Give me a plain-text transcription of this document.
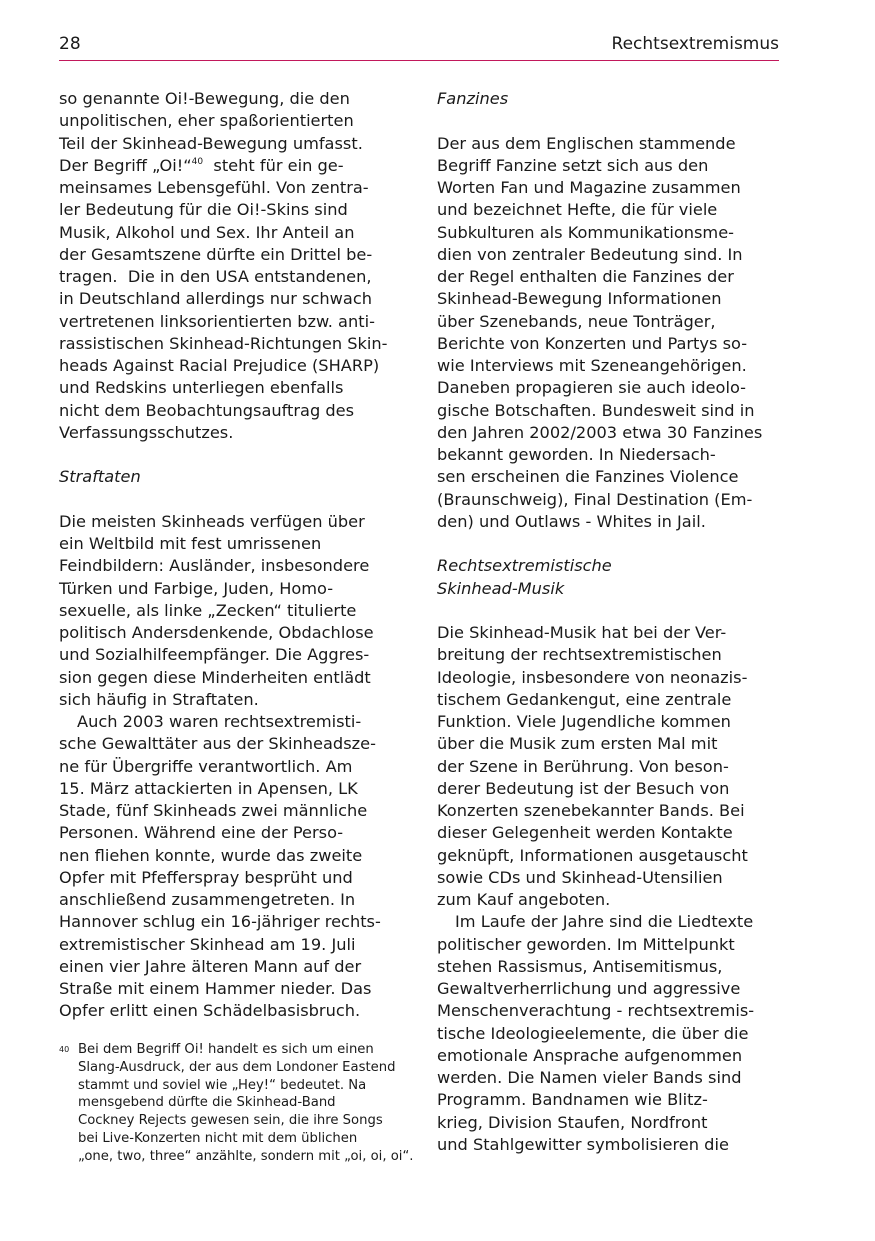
28	Rechtsextremismus
so genannte Oi!-Bewegung, die den
unpolitischen, eher spaßorientierten
Teil der Skinhead-Bewegung umfasst.
Der Begriff „Oi!“$^{40}$  steht für ein ge-
meinsames Lebensgefühl. Von zentra-
ler Bedeutung für die Oi!-Skins sind
Musik, Alkohol und Sex. Ihr Anteil an
der Gesamtszene dürfte ein Drittel be-
tragen.  Die in den USA entstandenen,
in Deutschland allerdings nur schwach
vertretenen linksorientierten bzw. anti-
rassistischen Skinhead-Richtungen Skin-
heads Against Racial Prejudice (SHARP)
und Redskins unterliegen ebenfalls
nicht dem Beobachtungsauftrag des
Verfassungsschutzes.
Straftaten
Die meisten Skinheads verfügen über
ein Weltbild mit fest umrissenen
Feindbildern: Ausländer, insbesondere
Türken und Farbige, Juden, Homo-
sexuelle, als linke „Zecken“ titulierte
politisch Andersdenkende, Obdachlose
und Sozialhilfeempfänger. Die Aggres-
sion gegen diese Minderheiten entlädt
sich häufig in Straftaten.
Auch 2003 waren rechtsextremisti-
sche Gewalttäter aus der Skinheadsze-
ne für Übergriffe verantwortlich. Am
15. März attackierten in Apensen, LK
Stade, fünf Skinheads zwei männliche
Personen. Während eine der Perso-
nen fliehen konnte, wurde das zweite
Opfer mit Pfefferspray besprüht und
anschließend zusammengetreten. In
Hannover schlug ein 16-jähriger rechts-
extremistischer Skinhead am 19. Juli
einen vier Jahre älteren Mann auf der
Straße mit einem Hammer nieder. Das
Opfer erlitt einen Schädelbasisbruch.
Fanzines
Der aus dem Englischen stammende
Begriff Fanzine setzt sich aus den
Worten Fan und Magazine zusammen
und bezeichnet Hefte, die für viele
Subkulturen als Kommunikationsme-
dien von zentraler Bedeutung sind. In
der Regel enthalten die Fanzines der
Skinhead-Bewegung Informationen
über Szenebands, neue Tonträger,
Berichte von Konzerten und Partys so-
wie Interviews mit Szeneangehörigen.
Daneben propagieren sie auch ideolo-
gische Botschaften. Bundesweit sind in
den Jahren 2002/2003 etwa 30 Fanzines
bekannt geworden. In Niedersach-
sen erscheinen die Fanzines Violence
(Braunschweig), Final Destination (Em-
den) und Outlaws - Whites in Jail.
Rechtsextremistische
Skinhead-Musik
Die Skinhead-Musik hat bei der Ver-
breitung der rechtsextremistischen
Ideologie, insbesondere von neonazis-
tischem Gedankengut, eine zentrale
Funktion. Viele Jugendliche kommen
über die Musik zum ersten Mal mit
der Szene in Berührung. Von beson-
derer Bedeutung ist der Besuch von
Konzerten szenebekannter Bands. Bei
dieser Gelegenheit werden Kontakte
geknüpft, Informationen ausgetauscht
sowie CDs und Skinhead-Utensilien
zum Kauf angeboten.
Im Laufe der Jahre sind die Liedtexte
politischer geworden. Im Mittelpunkt
stehen Rassismus, Antisemitismus,
Gewaltverherrlichung und aggressive
Menschenverachtung - rechtsextremis-
tische Ideologieelemente, die über die
emotionale Ansprache aufgenommen
werden. Die Namen vieler Bands sind
Programm. Bandnamen wie Blitz-
krieg, Division Staufen, Nordfront
und Stahlgewitter symbolisieren die
40 Bei dem Begriff Oi! handelt es sich um einen
Slang-Ausdruck, der aus dem Londoner Eastend
stammt und soviel wie „Hey!“ bedeutet. Na
mensgebend dürfte die Skinhead-Band
Cockney Rejects gewesen sein, die ihre Songs
bei Live-Konzerten nicht mit dem üblichen
„one, two, three“ anzählte, sondern mit „oi, oi, oi“.
